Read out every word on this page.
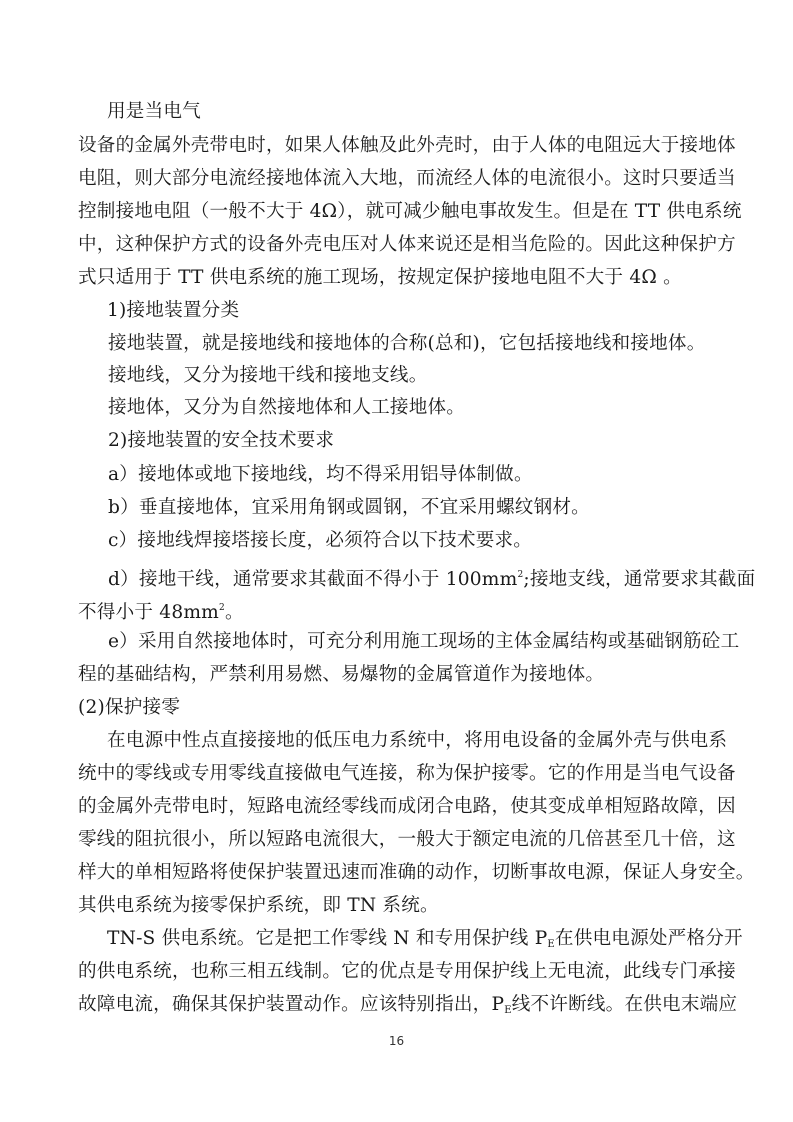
用是当电气
设备的金属外壳带电时，如果人体触及此外壳时，由于人体的电阻远大于接地体
电阻，则大部分电流经接地体流入大地，而流经人体的电流很小。这时只要适当
控制接地电阻（一般不大于 4Ω），就可减少触电事故发生。但是在 TT 供电系统
中，这种保护方式的设备外壳电压对人体来说还是相当危险的。因此这种保护方
式只适用于 TT 供电系统的施工现场，按规定保护接地电阻不大于 4Ω 。
1)接地装置分类
接地装置，就是接地线和接地体的合称(总和)，它包括接地线和接地体。
接地线，又分为接地干线和接地支线。
接地体，又分为自然接地体和人工接地体。
2)接地装置的安全技术要求
a）接地体或地下接地线，均不得采用铝导体制做。
b）垂直接地体，宜采用角钢或圆钢，不宜采用螺纹钢材。
c）接地线焊接塔接长度，必须符合以下技术要求。
d）接地干线，通常要求其截面不得小于 $100mm^2$;接地支线，通常要求其截面
不得小于 $48mm^2$。
e）采用自然接地体时，可充分利用施工现场的主体金属结构或基础钢筋砼工
程的基础结构，严禁利用易燃、易爆物的金属管道作为接地体。
(2)保护接零
在电源中性点直接接地的低压电力系统中，将用电设备的金属外壳与供电系
统中的零线或专用零线直接做电气连接，称为保护接零。它的作用是当电气设备
的金属外壳带电时，短路电流经零线而成闭合电路，使其变成单相短路故障，因
零线的阻抗很小，所以短路电流很大，一般大于额定电流的几倍甚至几十倍，这
样大的单相短路将使保护装置迅速而准确的动作，切断事故电源，保证人身安全。
其供电系统为接零保护系统，即 TN 系统。
TN-S 供电系统。它是把工作零线 N 和专用保护线 $P_E$在供电电源处严格分开
的供电系统，也称三相五线制。它的优点是专用保护线上无电流，此线专门承接
故障电流，确保其保护装置动作。应该特别指出，$P_E$线不许断线。在供电末端应
16
